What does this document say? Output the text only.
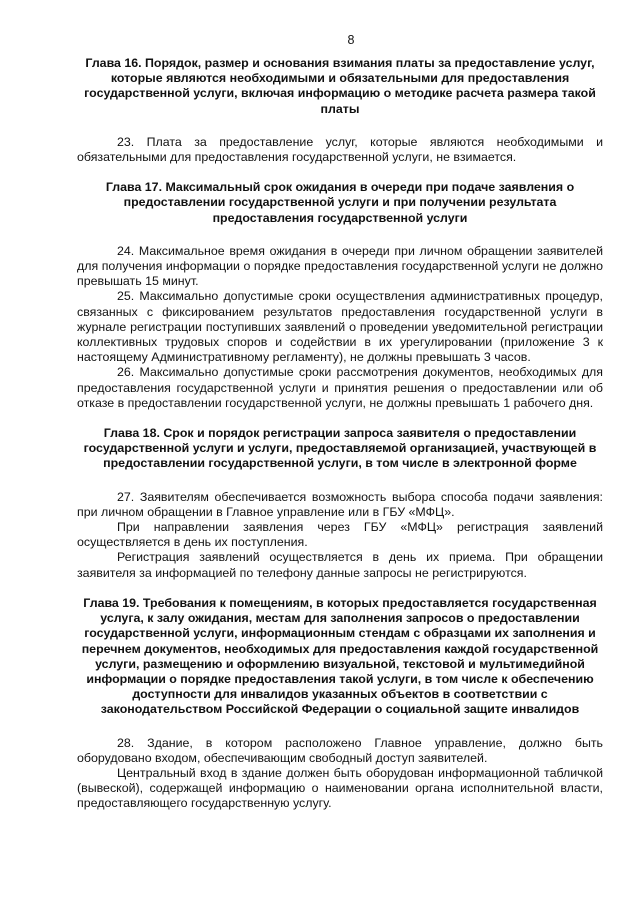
8

Глава 16. Порядок, размер и основания взимания платы за предоставление услуг, которые являются необходимыми и обязательными для предоставления государственной услуги, включая информацию о методике расчета размера такой платы

23. Плата за предоставление услуг, которые являются необходимыми и обязательными для предоставления государственной услуги, не взимается.

Глава 17. Максимальный срок ожидания в очереди при подаче заявления о предоставлении государственной услуги и при получении результата предоставления государственной услуги

24. Максимальное время ожидания в очереди при личном обращении заявителей для получения информации о порядке предоставления государственной услуги не должно превышать 15 минут.

25. Максимально допустимые сроки осуществления административных процедур, связанных с фиксированием результатов предоставления государственной услуги в журнале регистрации поступивших заявлений о проведении уведомительной регистрации коллективных трудовых споров и содействии в их урегулировании (приложение 3 к настоящему Административному регламенту), не должны превышать 3 часов.

26. Максимально допустимые сроки рассмотрения документов, необходимых для предоставления государственной услуги и принятия решения о предоставлении или об отказе в предоставлении государственной услуги, не должны превышать 1 рабочего дня.

Глава 18. Срок и порядок регистрации запроса заявителя о предоставлении государственной услуги и услуги, предоставляемой организацией, участвующей в предоставлении государственной услуги, в том числе в электронной форме

27. Заявителям обеспечивается возможность выбора способа подачи заявления: при личном обращении в Главное управление или в ГБУ «МФЦ».

При направлении заявления через ГБУ «МФЦ» регистрация заявлений осуществляется в день их поступления.

Регистрация заявлений осуществляется в день их приема. При обращении заявителя за информацией по телефону данные запросы не регистрируются.

Глава 19. Требования к помещениям, в которых предоставляется государственная услуга, к залу ожидания, местам для заполнения запросов о предоставлении государственной услуги, информационным стендам с образцами их заполнения и перечнем документов, необходимых для предоставления каждой государственной услуги, размещению и оформлению визуальной, текстовой и мультимедийной информации о порядке предоставления такой услуги, в том числе к обеспечению доступности для инвалидов указанных объектов в соответствии с законодательством Российской Федерации о социальной защите инвалидов

28. Здание, в котором расположено Главное управление, должно быть оборудовано входом, обеспечивающим свободный доступ заявителей.

Центральный вход в здание должен быть оборудован информационной табличкой (вывеской), содержащей информацию о наименовании органа исполнительной власти, предоставляющего государственную услугу.
